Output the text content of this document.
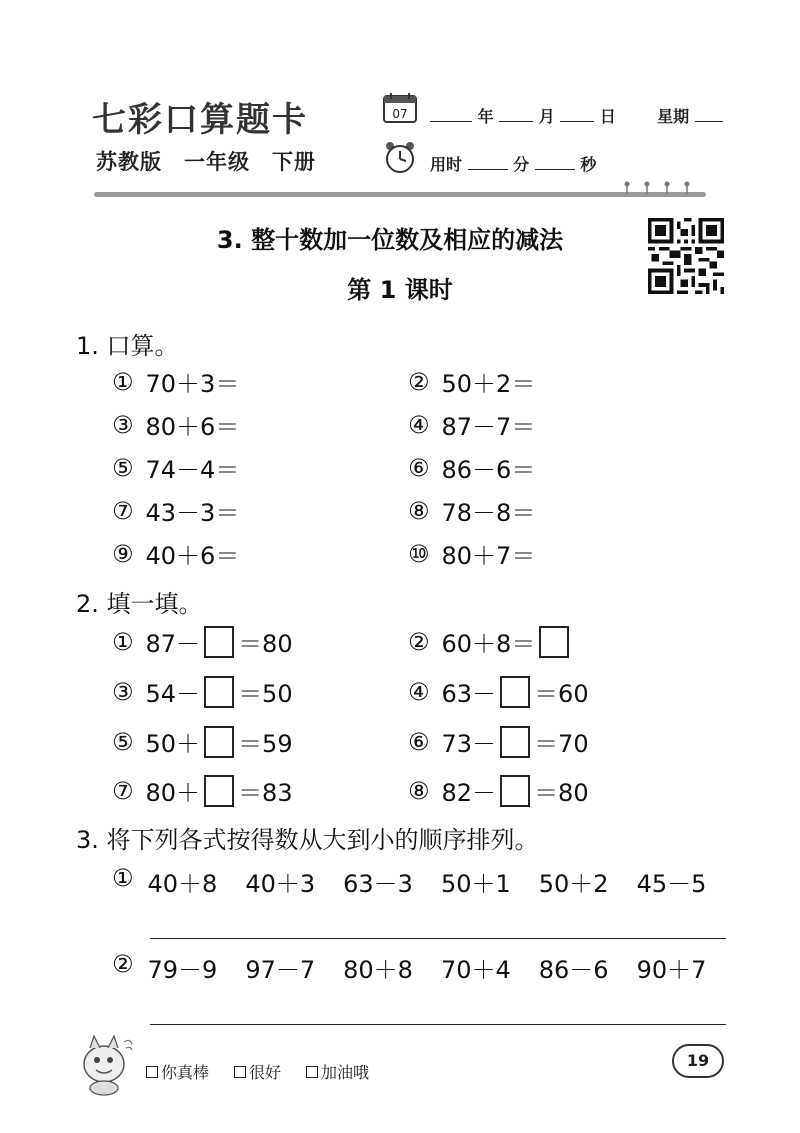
七彩口算题卡
苏教版　一年级　下册
07	年	月	日	星期
用时	分	秒
3. 整十数加一位数及相应的减法
第 1 课时
1. 口算。
① 70＋3＝	② 50＋2＝
③ 80＋6＝	④ 87－7＝
⑤ 74－4＝	⑥ 86－6＝
⑦ 43－3＝	⑧ 78－8＝
⑨ 40＋6＝	⑩ 80＋7＝
2. 填一填。
① 87－ ＝80	② 60＋8＝
③ 54－ ＝50	④ 63－ ＝60
⑤ 50＋ ＝59	⑥ 73－ ＝70
⑦ 80＋ ＝83	⑧ 82－ ＝80
3. 将下列各式按得数从大到小的顺序排列。
① 40＋8 40＋3 63－3 50＋1 50＋2 45－5
② 79－9 97－7 80＋8 70＋4 86－6 90＋7
你真棒 很好 加油哦
19
